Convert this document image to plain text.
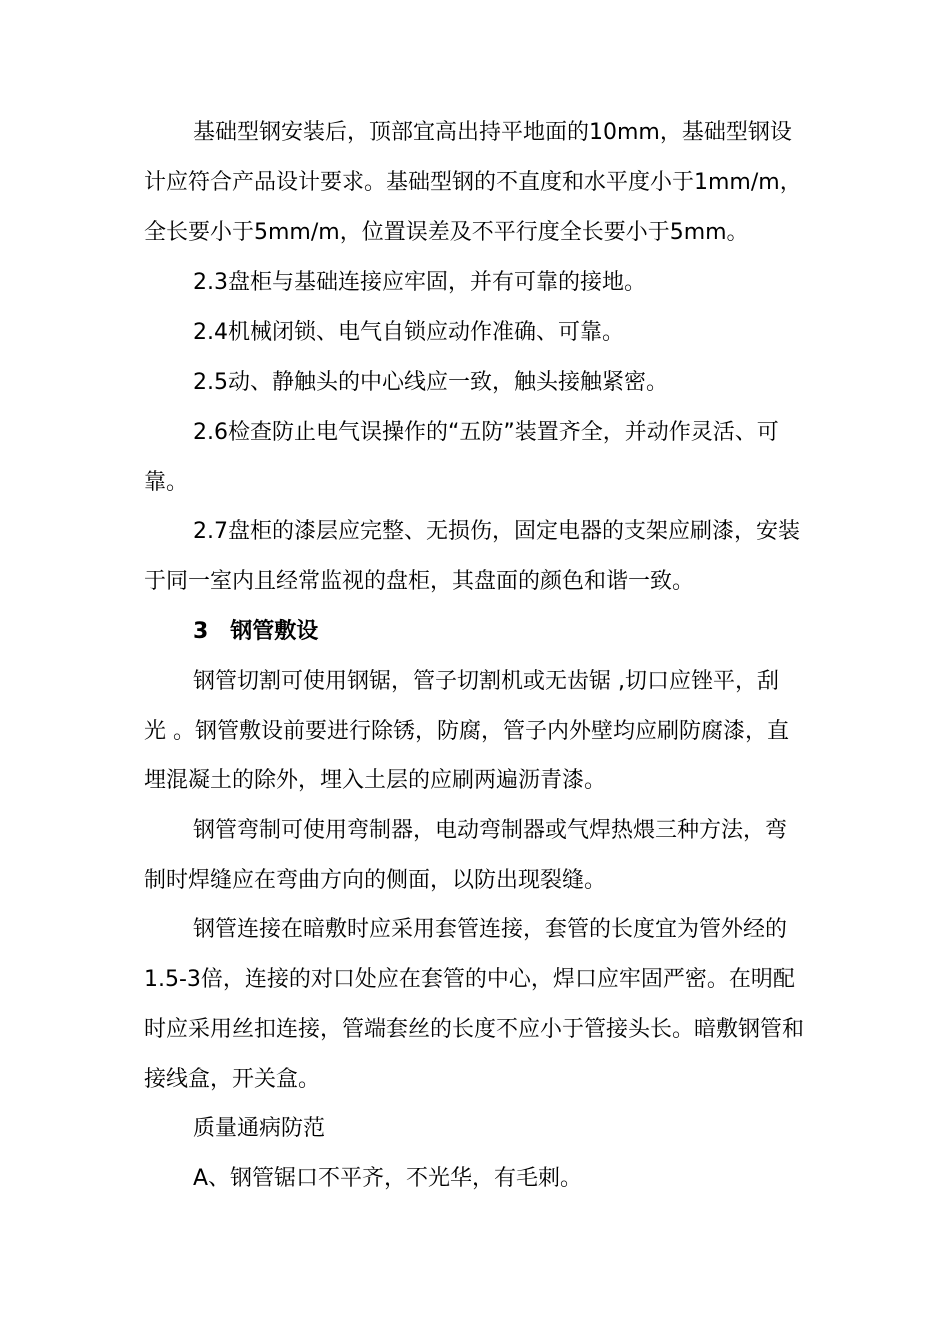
基础型钢安装后，顶部宜高出持平地面的10mm，基础型钢设
计应符合产品设计要求。基础型钢的不直度和水平度小于1mm/m，
全长要小于5mm/m，位置误差及不平行度全长要小于5mm。
2.3盘柜与基础连接应牢固，并有可靠的接地。
2.4机械闭锁、电气自锁应动作准确、可靠。
2.5动、静触头的中心线应一致，触头接触紧密。
2.6检查防止电气误操作的“五防”装置齐全，并动作灵活、可
靠。
2.7盘柜的漆层应完整、无损伤，固定电器的支架应刷漆，安装
于同一室内且经常监视的盘柜，其盘面的颜色和谐一致。
3　钢管敷设
钢管切割可使用钢锯，管子切割机或无齿锯 ,切口应锉平，刮
光 。钢管敷设前要进行除锈，防腐，管子内外壁均应刷防腐漆，直
埋混凝土的除外，埋入土层的应刷两遍沥青漆。
钢管弯制可使用弯制器，电动弯制器或气焊热煨三种方法，弯
制时焊缝应在弯曲方向的侧面，以防出现裂缝。
钢管连接在暗敷时应采用套管连接，套管的长度宜为管外经的
1.5-3倍，连接的对口处应在套管的中心，焊口应牢固严密。在明配
时应采用丝扣连接，管端套丝的长度不应小于管接头长。暗敷钢管和
接线盒，开关盒。
质量通病防范
A、钢管锯口不平齐，不光华，有毛刺。
